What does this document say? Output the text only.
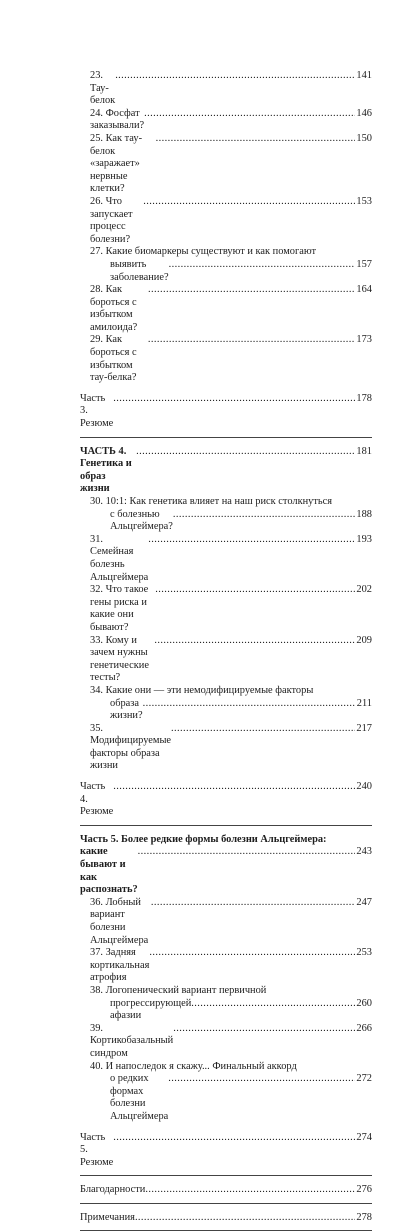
23. Тау-белок
.....
141
24. Фосфат заказывали?
.....
146
25. Как тау-белок «заражает» нервные клетки?
.....
150
26. Что запускает процесс болезни?
.....
153
27. Какие биомаркеры существуют и как помогают
выявить заболевание?
.....
157
28. Как бороться с избытком амилоида?
.....
164
29. Как бороться с избытком тау-белка?
.....
173
Часть 3. Резюме
.....
178
ЧАСТЬ 4. Генетика и образ жизни
.....
181
30. 10:1: Как генетика влияет на наш риск столкнуться
с болезнью Альцгеймера?
.....
188
31. Семейная болезнь Альцгеймера
.....
193
32. Что такое гены риска и какие они бывают?
.....
202
33. Кому и зачем нужны генетические тесты?
.....
209
34. Какие они — эти немодифицируемые факторы
образа жизни?
.....
211
35. Модифицируемые факторы образа жизни
.....
217
Часть 4. Резюме
.....
240
Часть 5. Более редкие формы болезни Альцгеймера:
какие бывают и как распознать?
.....
243
36. Лобный вариант болезни Альцгеймера
.....
247
37. Задняя кортикальная атрофия
.....
253
38. Логопенический вариант первичной
прогрессирующей афазии
.....
260
39. Кортикобазальный синдром
.....
266
40. И напоследок я скажу... Финальный аккорд
о редких формах болезни Альцгеймера
.....
272
Часть 5. Резюме
.....
274
Благодарности .....	276
Примечания .....	278
